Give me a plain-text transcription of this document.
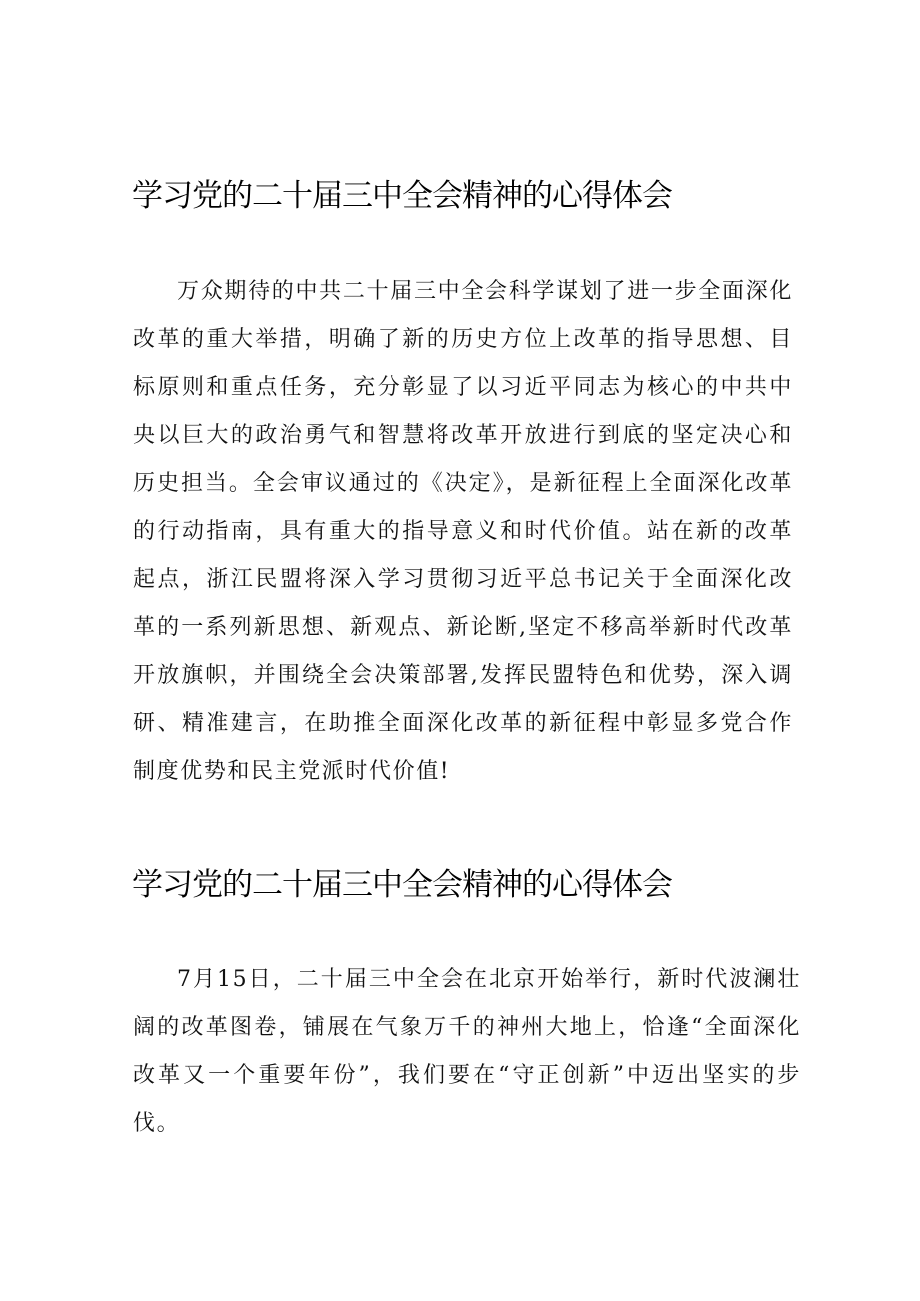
学习党的二十届三中全会精神的心得体会

万众期待的中共二十届三中全会科学谋划了进一步全面深化改革的重大举措，明确了新的历史方位上改革的指导思想、目标原则和重点任务，充分彰显了以习近平同志为核心的中共中央以巨大的政治勇气和智慧将改革开放进行到底的坚定决心和历史担当。全会审议通过的《决定》，是新征程上全面深化改革的行动指南，具有重大的指导意义和时代价值。站在新的改革起点，浙江民盟将深入学习贯彻习近平总书记关于全面深化改革的一系列新思想、新观点、新论断,坚定不移高举新时代改革开放旗帜，并围绕全会决策部署,发挥民盟特色和优势，深入调研、精准建言，在助推全面深化改革的新征程中彰显多党合作制度优势和民主党派时代价值!

学习党的二十届三中全会精神的心得体会

7月15日，二十届三中全会在北京开始举行，新时代波澜壮阔的改革图卷，铺展在气象万千的神州大地上，恰逢“全面深化改革又一个重要年份”，我们要在“守正创新”中迈出坚实的步伐。
